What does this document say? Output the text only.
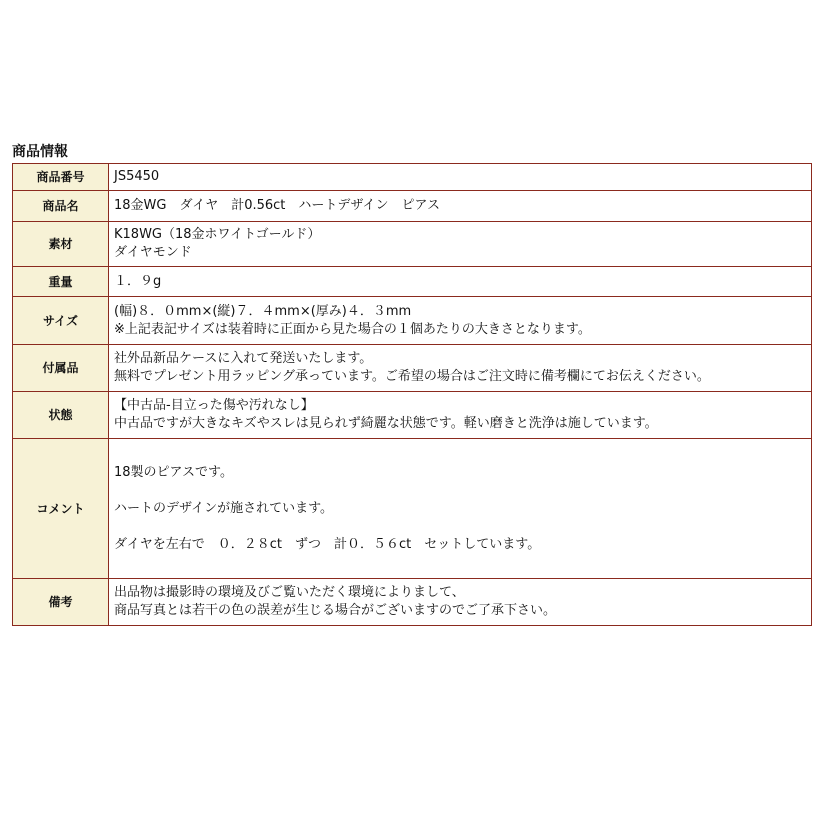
商品情報
商品番号	JS5450

商品名	18金WG　ダイヤ　計0.56ct　ハートデザイン　ピアス

素材	K18WG（18金ホワイトゴールド）
ダイヤモンド

重量	１．９g

サイズ	(幅)８．０mm×(縦)７．４mm×(厚み)４．３mm
※上記表記サイズは装着時に正面から見た場合の１個あたりの大きさとなります。

付属品	社外品新品ケースに入れて発送いたします。
無料でプレゼント用ラッピング承っています。ご希望の場合はご注文時に備考欄にてお伝えください。

状態	【中古品-目立った傷や汚れなし】
中古品ですが大きなキズやスレは見られず綺麗な状態です。軽い磨きと洗浄は施しています。

コメント	18製のピアスです。
ハートのデザインが施されています。
ダイヤを左右で　０．２８ct　ずつ　計０．５６ct　セットしています。

備考	出品物は撮影時の環境及びご覧いただく環境によりまして、
商品写真とは若干の色の誤差が生じる場合がございますのでご了承下さい。
